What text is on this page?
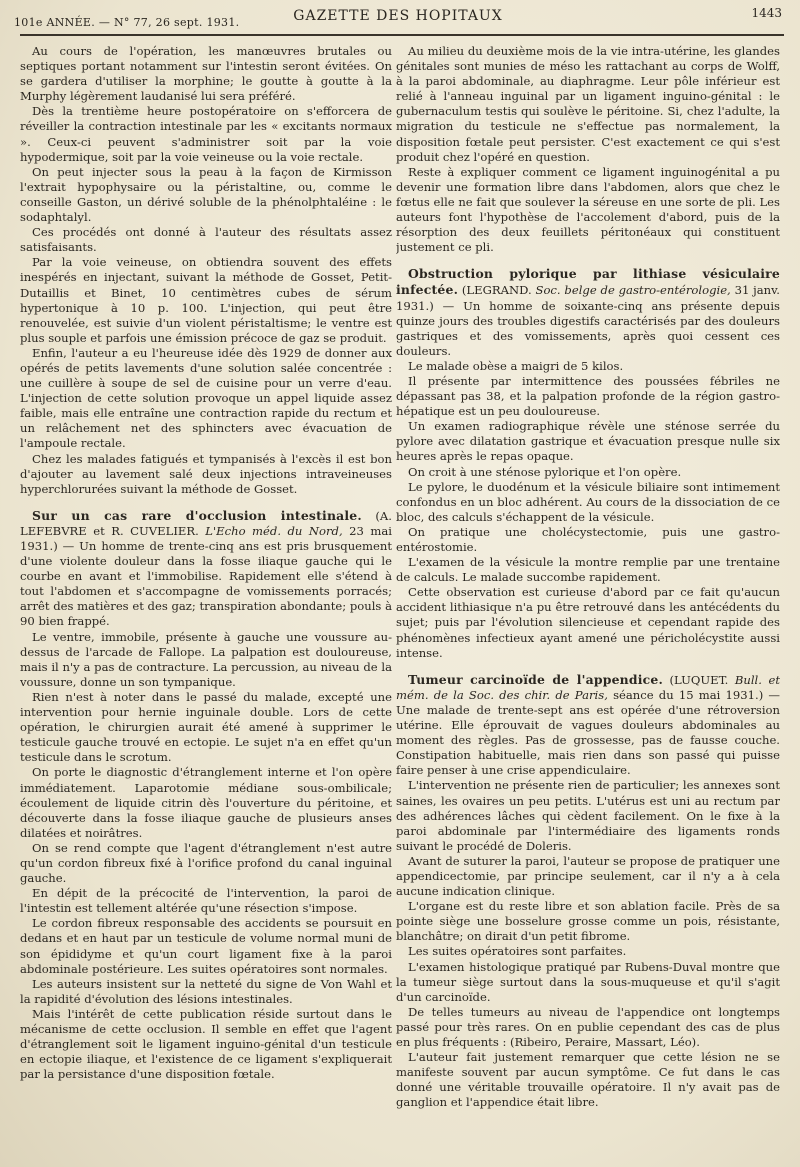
101e ANNÉE. — N° 77, 26 sept. 1931.	GAZETTE DES HOPITAUX	1443

Au cours de l'opération, les manœuvres brutales ou septiques portant notamment sur l'intestin seront évitées. On se gardera d'utiliser la morphine; le goutte à goutte à la Murphy légèrement laudanisé lui sera préféré.

Dès la trentième heure postopératoire on s'efforcera de réveiller la contraction intestinale par les « excitants normaux ». Ceux-ci peuvent s'administrer soit par la voie hypodermique, soit par la voie veineuse ou la voie rectale.

On peut injecter sous la peau à la façon de Kirmisson l'extrait hypophysaire ou la péristaltine, ou, comme le conseille Gaston, un dérivé soluble de la phénolphtaléine : le sodaphtalyl.

Ces procédés ont donné à l'auteur des résultats assez satisfaisants.

Par la voie veineuse, on obtiendra souvent des effets inespérés en injectant, suivant la méthode de Gosset, Petit-Dutaillis et Binet, 10 centimètres cubes de sérum hypertonique à 10 p. 100. L'injection, qui peut être renouvelée, est suivie d'un violent péristaltisme; le ventre est plus souple et parfois une émission précoce de gaz se produit.

Enfin, l'auteur a eu l'heureuse idée dès 1929 de donner aux opérés de petits lavements d'une solution salée concentrée : une cuillère à soupe de sel de cuisine pour un verre d'eau. L'injection de cette solution provoque un appel liquide assez faible, mais elle entraîne une contraction rapide du rectum et un relâchement net des sphincters avec évacuation de l'ampoule rectale.

Chez les malades fatigués et tympanisés à l'excès il est bon d'ajouter au lavement salé deux injections intraveineuses hyperchlorurées suivant la méthode de Gosset.

Sur un cas rare d'occlusion intestinale. (A. LEFEBVRE et R. CUVELIER. L'Echo méd. du Nord, 23 mai 1931.) — Un homme de trente-cinq ans est pris brusquement d'une violente douleur dans la fosse iliaque gauche qui le courbe en avant et l'immobilise. Rapidement elle s'étend à tout l'abdomen et s'accompagne de vomissements porracés; arrêt des matières et des gaz; transpiration abondante; pouls à 90 bien frappé.

Le ventre, immobile, présente à gauche une voussure au-dessus de l'arcade de Fallope. La palpation est douloureuse, mais il n'y a pas de contracture. La percussion, au niveau de la voussure, donne un son tympanique.

Rien n'est à noter dans le passé du malade, excepté une intervention pour hernie inguinale double. Lors de cette opération, le chirurgien aurait été amené à supprimer le testicule gauche trouvé en ectopie. Le sujet n'a en effet qu'un testicule dans le scrotum.

On porte le diagnostic d'étranglement interne et l'on opère immédiatement. Laparotomie médiane sous-ombilicale; écoulement de liquide citrin dès l'ouverture du péritoine, et découverte dans la fosse iliaque gauche de plusieurs anses dilatées et noirâtres.

On se rend compte que l'agent d'étranglement n'est autre qu'un cordon fibreux fixé à l'orifice profond du canal inguinal gauche.

En dépit de la précocité de l'intervention, la paroi de l'intestin est tellement altérée qu'une résection s'impose.

Le cordon fibreux responsable des accidents se poursuit en dedans et en haut par un testicule de volume normal muni de son épididyme et qu'un court ligament fixe à la paroi abdominale postérieure. Les suites opératoires sont normales.

Les auteurs insistent sur la netteté du signe de Von Wahl et la rapidité d'évolution des lésions intestinales.

Mais l'intérêt de cette publication réside surtout dans le mécanisme de cette occlusion. Il semble en effet que l'agent d'étranglement soit le ligament inguino-génital d'un testicule en ectopie iliaque, et l'existence de ce ligament s'expliquerait par la persistance d'une disposition fœtale.

Au milieu du deuxième mois de la vie intra-utérine, les glandes génitales sont munies de méso les rattachant au corps de Wolff, à la paroi abdominale, au diaphragme. Leur pôle inférieur est relié à l'anneau inguinal par un ligament inguino-génital : le gubernaculum testis qui soulève le péritoine. Si, chez l'adulte, la migration du testicule ne s'effectue pas normalement, la disposition fœtale peut persister. C'est exactement ce qui s'est produit chez l'opéré en question.

Reste à expliquer comment ce ligament inguinogénital a pu devenir une formation libre dans l'abdomen, alors que chez le fœtus elle ne fait que soulever la séreuse en une sorte de pli. Les auteurs font l'hypothèse de l'accolement d'abord, puis de la résorption des deux feuillets péritonéaux qui constituent justement ce pli.

Obstruction pylorique par lithiase vésiculaire infectée. (LEGRAND. Soc. belge de gastro-entérologie, 31 janv. 1931.) — Un homme de soixante-cinq ans présente depuis quinze jours des troubles digestifs caractérisés par des douleurs gastriques et des vomissements, après quoi cessent ces douleurs.

Le malade obèse a maigri de 5 kilos.

Il présente par intermittence des poussées fébriles ne dépassant pas 38, et la palpation profonde de la région gastro-hépatique est un peu douloureuse.

Un examen radiographique révèle une sténose serrée du pylore avec dilatation gastrique et évacuation presque nulle six heures après le repas opaque.

On croit à une sténose pylorique et l'on opère.

Le pylore, le duodénum et la vésicule biliaire sont intimement confondus en un bloc adhérent. Au cours de la dissociation de ce bloc, des calculs s'échappent de la vésicule.

On pratique une cholécystectomie, puis une gastro-entérostomie.

L'examen de la vésicule la montre remplie par une trentaine de calculs. Le malade succombe rapidement.

Cette observation est curieuse d'abord par ce fait qu'aucun accident lithiasique n'a pu être retrouvé dans les antécédents du sujet; puis par l'évolution silencieuse et cependant rapide des phénomènes infectieux ayant amené une péricholécystite aussi intense.

Tumeur carcinoïde de l'appendice. (LUQUET. Bull. et mém. de la Soc. des chir. de Paris, séance du 15 mai 1931.) — Une malade de trente-sept ans est opérée d'une rétroversion utérine. Elle éprouvait de vagues douleurs abdominales au moment des règles. Pas de grossesse, pas de fausse couche. Constipation habituelle, mais rien dans son passé qui puisse faire penser à une crise appendiculaire.

L'intervention ne présente rien de particulier; les annexes sont saines, les ovaires un peu petits. L'utérus est uni au rectum par des adhérences lâches qui cèdent facilement. On le fixe à la paroi abdominale par l'intermédiaire des ligaments ronds suivant le procédé de Doleris.

Avant de suturer la paroi, l'auteur se propose de pratiquer une appendicectomie, par principe seulement, car il n'y a à cela aucune indication clinique.

L'organe est du reste libre et son ablation facile. Près de sa pointe siège une bosselure grosse comme un pois, résistante, blanchâtre; on dirait d'un petit fibrome.

Les suites opératoires sont parfaites.

L'examen histologique pratiqué par Rubens-Duval montre que la tumeur siège surtout dans la sous-muqueuse et qu'il s'agit d'un carcinoïde.

De telles tumeurs au niveau de l'appendice ont longtemps passé pour très rares. On en publie cependant des cas de plus en plus fréquents : (Ribeiro, Peraire, Massart, Léo).

L'auteur fait justement remarquer que cette lésion ne se manifeste souvent par aucun symptôme. Ce fut dans le cas donné une véritable trouvaille opératoire. Il n'y avait pas de ganglion et l'appendice était libre.
